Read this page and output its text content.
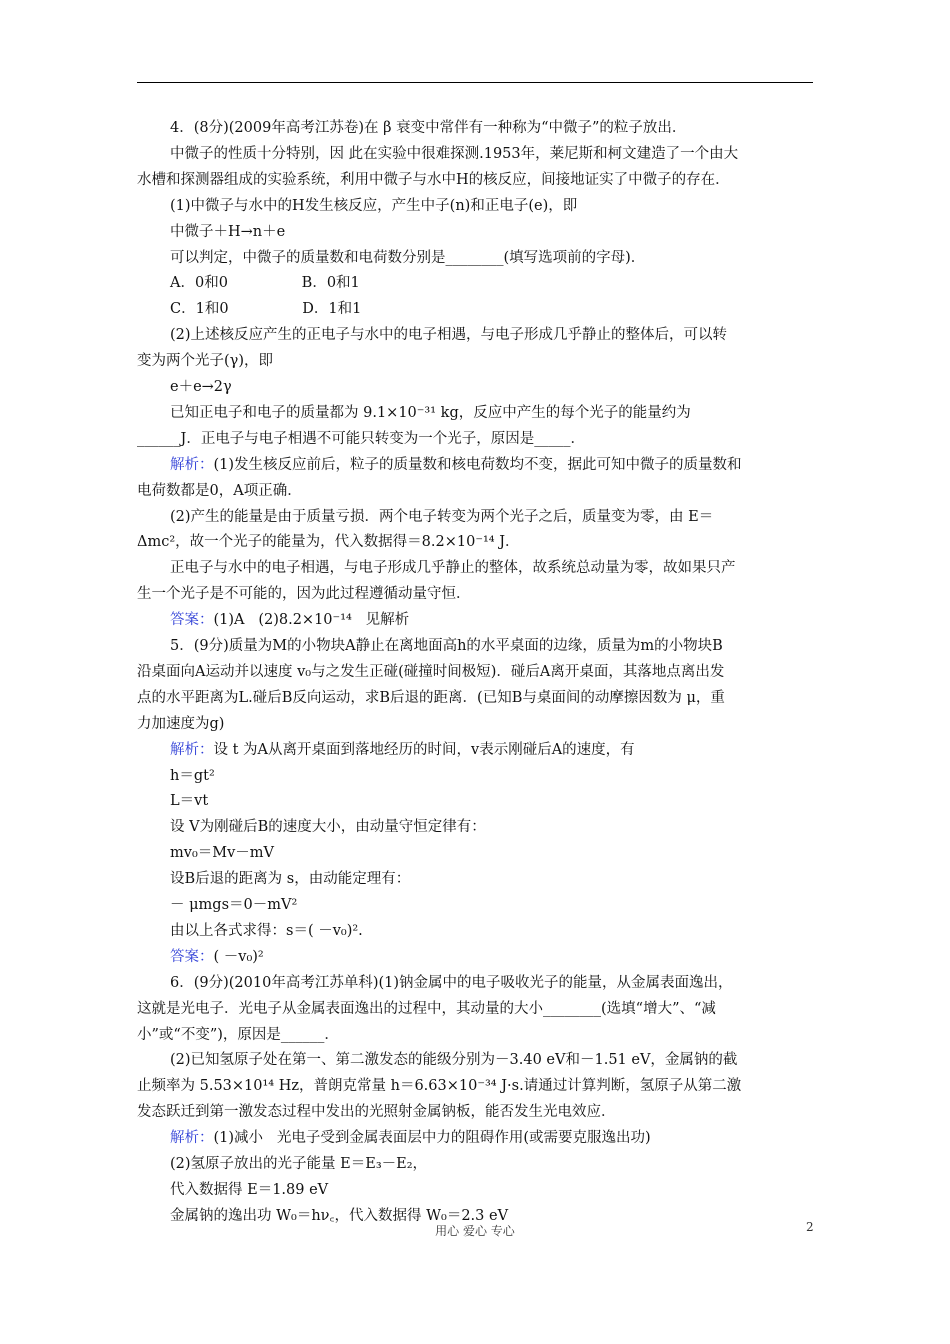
4．(8分)(2009年高考江苏卷)在 β 衰变中常伴有一种称为“中微子”的粒子放出．
中微子的性质十分特别，因 此在实验中很难探测.1953年，莱尼斯和柯文建造了一个由大
水槽和探测器组成的实验系统，利用中微子与水中H的核反应，间接地证实了中微子的存在．
(1)中微子与水中的H发生核反应，产生中子(n)和正电子(e)，即
中微子＋H→n＋e
可以判定，中微子的质量数和电荷数分别是________(填写选项前的字母)．
A．0和0                B．0和1
C．1和0                D．1和1
(2)上述核反应产生的正电子与水中的电子相遇，与电子形成几乎静止的整体后，可以转
变为两个光子(γ)，即
e＋e→2γ
已知正电子和电子的质量都为 9.1×10⁻³¹ kg，反应中产生的每个光子的能量约为
______J．正电子与电子相遇不可能只转变为一个光子，原因是_____．
解析：(1)发生核反应前后，粒子的质量数和核电荷数均不变，据此可知中微子的质量数和
电荷数都是0，A项正确．
(2)产生的能量是由于质量亏损．两个电子转变为两个光子之后，质量变为零，由 E＝
Δmc²，故一个光子的能量为，代入数据得＝8.2×10⁻¹⁴ J．
正电子与水中的电子相遇，与电子形成几乎静止的整体，故系统总动量为零，故如果只产
生一个光子是不可能的，因为此过程遵循动量守恒．
答案：(1)A   (2)8.2×10⁻¹⁴   见解析
5．(9分)质量为M的小物块A静止在离地面高h的水平桌面的边缘，质量为m的小物块B
沿桌面向A运动并以速度 v₀与之发生正碰(碰撞时间极短)．碰后A离开桌面，其落地点离出发
点的水平距离为L.碰后B反向运动，求B后退的距离．(已知B与桌面间的动摩擦因数为 μ，重
力加速度为g)
解析：设 t 为A从离开桌面到落地经历的时间，v表示刚碰后A的速度，有
h＝gt²
L＝vt
设 V为刚碰后B的速度大小，由动量守恒定律有：
mv₀＝Mv－mV
设B后退的距离为 s，由动能定理有：
－ μmgs＝0－mV²
由以上各式求得：s＝( －v₀)².
答案：( －v₀)²
6．(9分)(2010年高考江苏单科)(1)钠金属中的电子吸收光子的能量，从金属表面逸出，
这就是光电子．光电子从金属表面逸出的过程中，其动量的大小________(选填“增大”、“减
小”或“不变”)，原因是______．
(2)已知氢原子处在第一、第二激发态的能级分别为－3.40 eV和－1.51 eV，金属钠的截
止频率为 5.53×10¹⁴ Hz，普朗克常量 h＝6.63×10⁻³⁴ J·s.请通过计算判断，氢原子从第二激
发态跃迁到第一激发态过程中发出的光照射金属钠板，能否发生光电效应．
解析：(1)减小   光电子受到金属表面层中力的阻碍作用(或需要克服逸出功)
(2)氢原子放出的光子能量 E＝E₃－E₂，
代入数据得 E＝1.89 eV
金属钠的逸出功 W₀＝hν꜀，代入数据得 W₀＝2.3 eV
用心 爱心 专心	2
